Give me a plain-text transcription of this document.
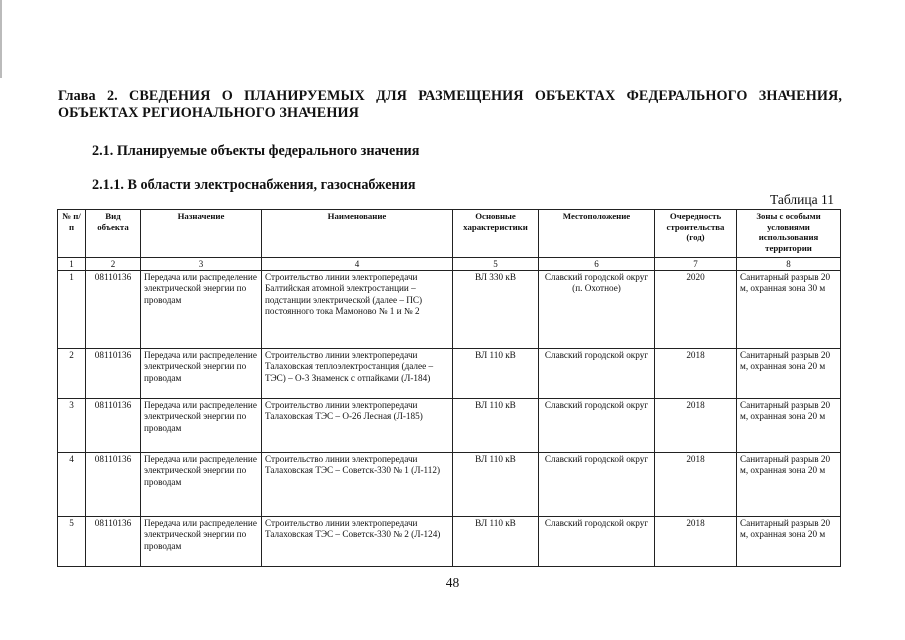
Глава 2. СВЕДЕНИЯ О ПЛАНИРУЕМЫХ ДЛЯ РАЗМЕЩЕНИЯ ОБЪЕКТАХ ФЕДЕРАЛЬНОГО ЗНАЧЕНИЯ, ОБЪЕКТАХ РЕГИОНАЛЬНОГО ЗНАЧЕНИЯ
2.1. Планируемые объекты федерального значения
2.1.1. В области электроснабжения, газоснабжения
Таблица 11
№ п/п	Вид объекта	Назначение	Наименование	Основные характеристики	Местоположение	Очередность строительства (год)	Зоны с особыми условиями использования территории
1	2	3	4	5	6	7	8
1	08110136	Передача или распределение электрической энергии по проводам	Строительство линии электропередачи Балтийская атомной электростанции – подстанции электрической (далее – ПС) постоянного тока Мамоново № 1 и № 2	ВЛ 330 кВ	Славский городской округ (п. Охотное)	2020	Санитарный разрыв 20 м, охранная зона 30 м
2	08110136	Передача или распределение электрической энергии по проводам	Строительство линии электропередачи Талаховская теплоэлектростанция (далее – ТЭС) – О-3 Знаменск с отпайками (Л-184)	ВЛ 110 кВ	Славский городской округ	2018	Санитарный разрыв 20 м, охранная зона 20 м
3	08110136	Передача или распределение электрической энергии по проводам	Строительство линии электропередачи Талаховская ТЭС – О-26 Лесная (Л-185)	ВЛ 110 кВ	Славский городской округ	2018	Санитарный разрыв 20 м, охранная зона 20 м
4	08110136	Передача или распределение электрической энергии по проводам	Строительство линии электропередачи Талаховская ТЭС – Советск-330 № 1 (Л-112)	ВЛ 110 кВ	Славский городской округ	2018	Санитарный разрыв 20 м, охранная зона 20 м
5	08110136	Передача или распределение электрической энергии по проводам	Строительство линии электропередачи Талаховская ТЭС – Советск-330 № 2 (Л-124)	ВЛ 110 кВ	Славский городской округ	2018	Санитарный разрыв 20 м, охранная зона 20 м
48
